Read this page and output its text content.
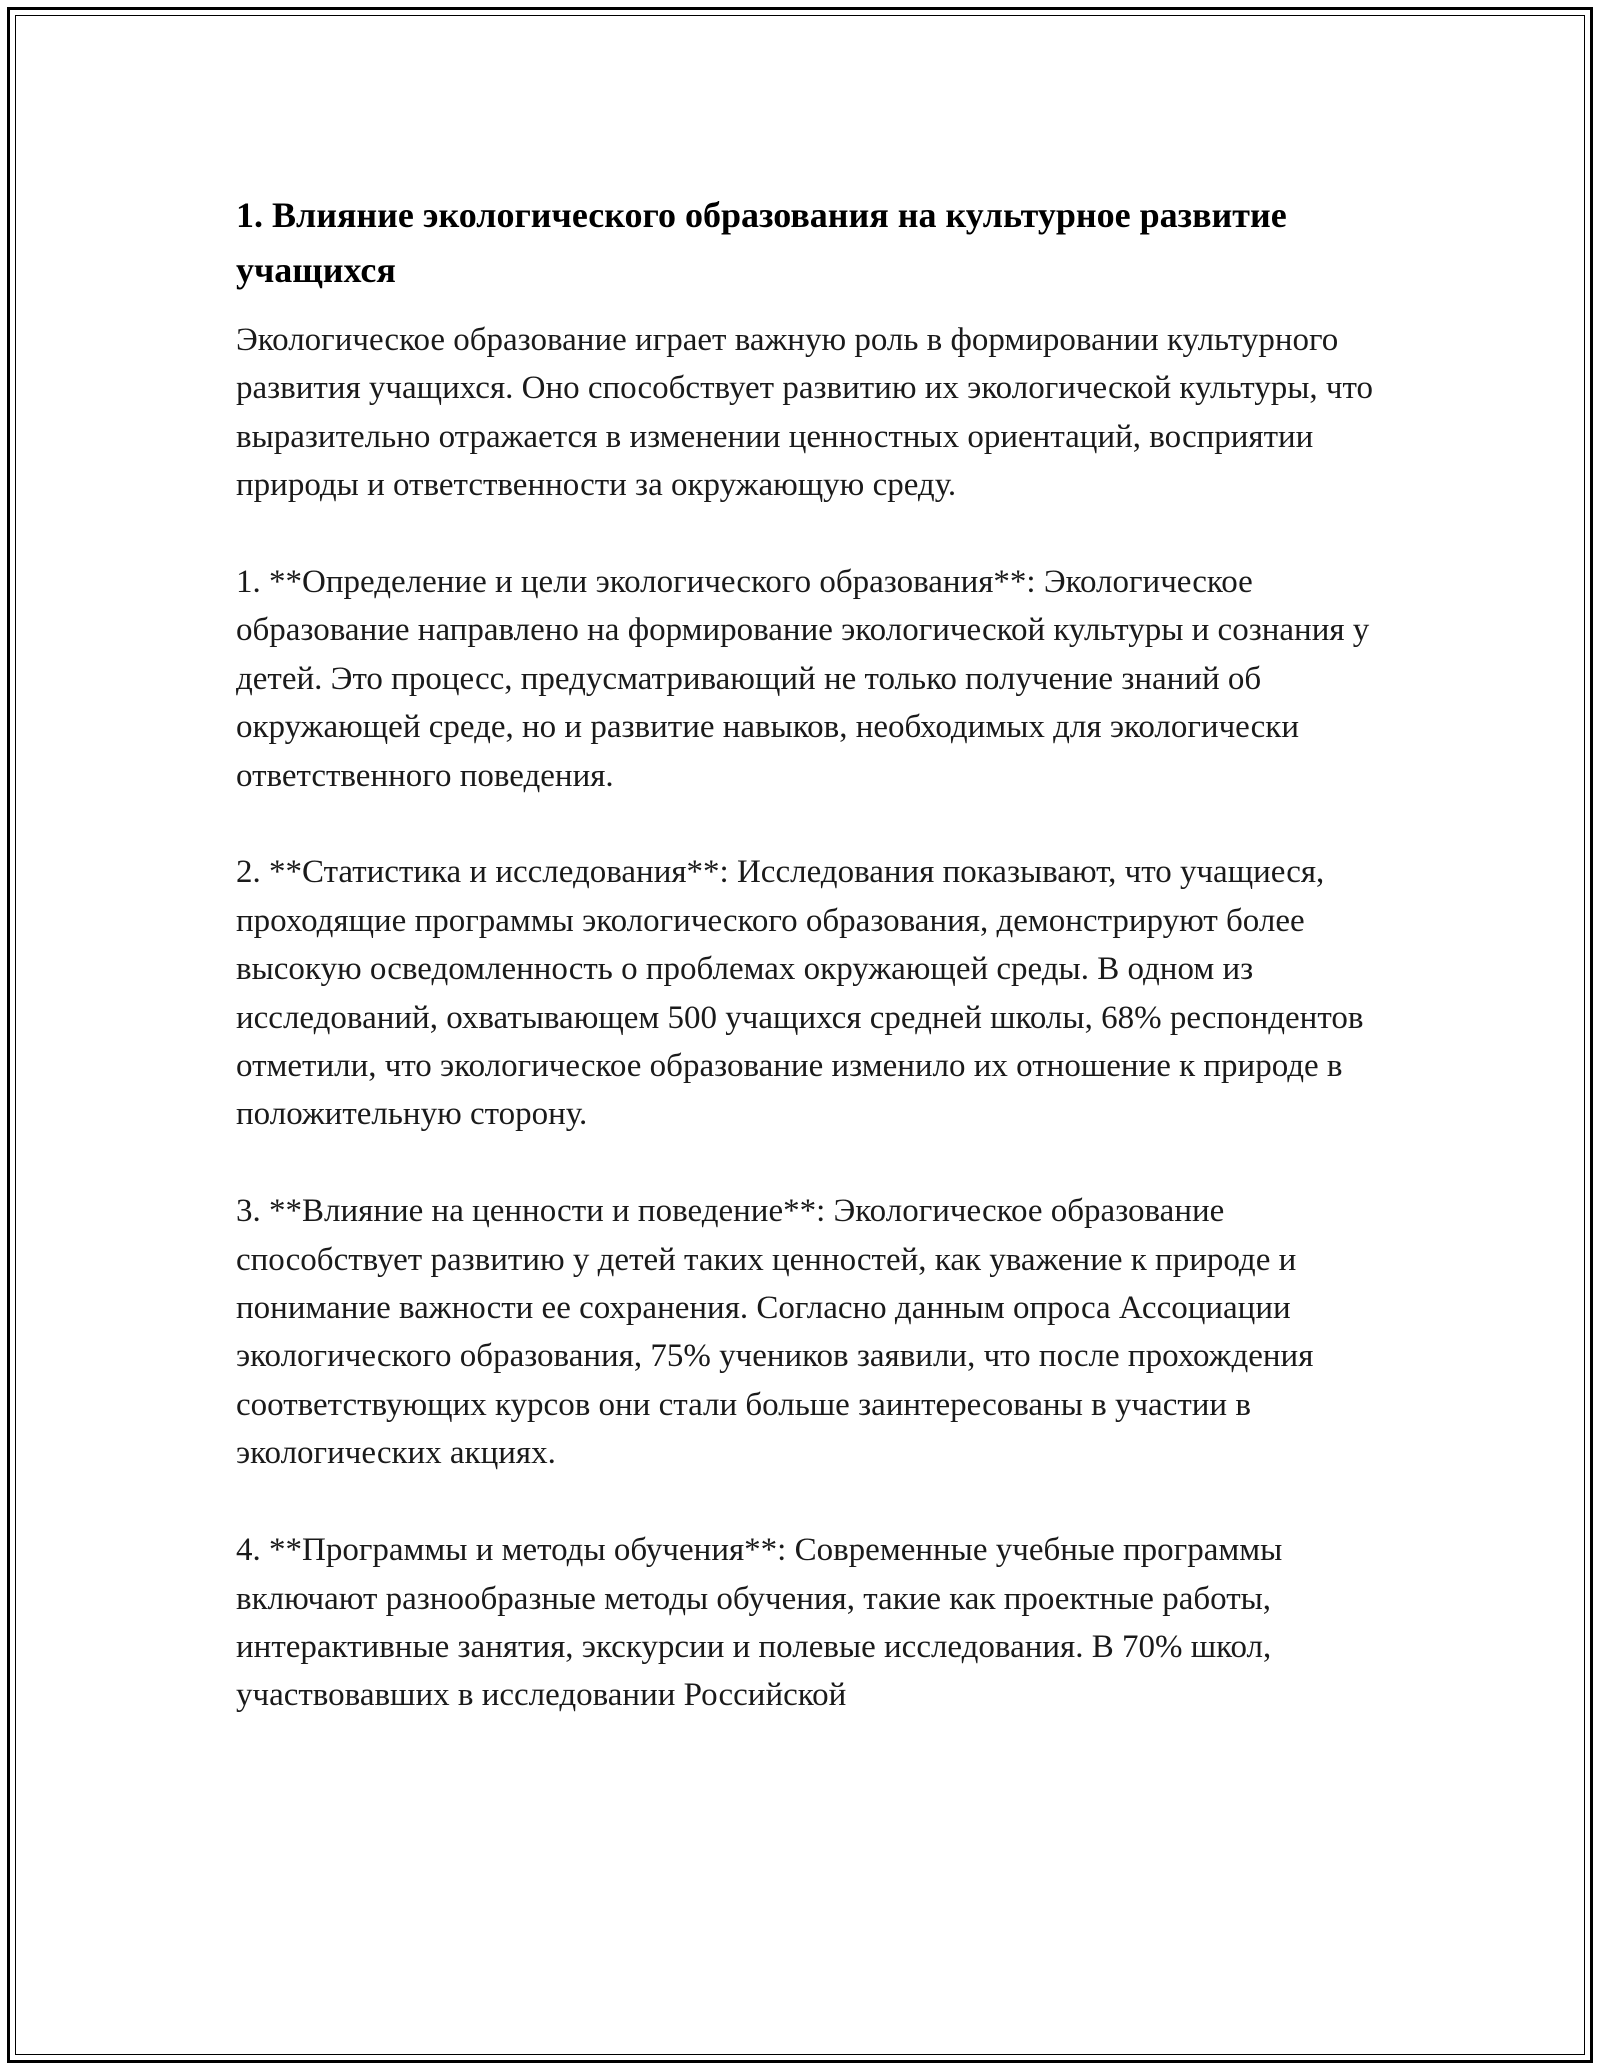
1. Влияние экологического образования на культурное развитие учащихся

Экологическое образование играет важную роль в формировании культурного развития учащихся. Оно способствует развитию их экологической культуры, что выразительно отражается в изменении ценностных ориентаций, восприятии природы и ответственности за окружающую среду.

1. **Определение и цели экологического образования**: Экологическое образование направлено на формирование экологической культуры и сознания у детей. Это процесс, предусматривающий не только получение знаний об окружающей среде, но и развитие навыков, необходимых для экологически ответственного поведения.

2. **Статистика и исследования**: Исследования показывают, что учащиеся, проходящие программы экологического образования, демонстрируют более высокую осведомленность о проблемах окружающей среды. В одном из исследований, охватывающем 500 учащихся средней школы, 68% респондентов отметили, что экологическое образование изменило их отношение к природе в положительную сторону.

3. **Влияние на ценности и поведение**: Экологическое образование способствует развитию у детей таких ценностей, как уважение к природе и понимание важности ее сохранения. Согласно данным опроса Ассоциации экологического образования, 75% учеников заявили, что после прохождения соответствующих курсов они стали больше заинтересованы в участии в экологических акциях.

4. **Программы и методы обучения**: Современные учебные программы включают разнообразные методы обучения, такие как проектные работы, интерактивные занятия, экскурсии и полевые исследования. В 70% школ, участвовавших в исследовании Российской
